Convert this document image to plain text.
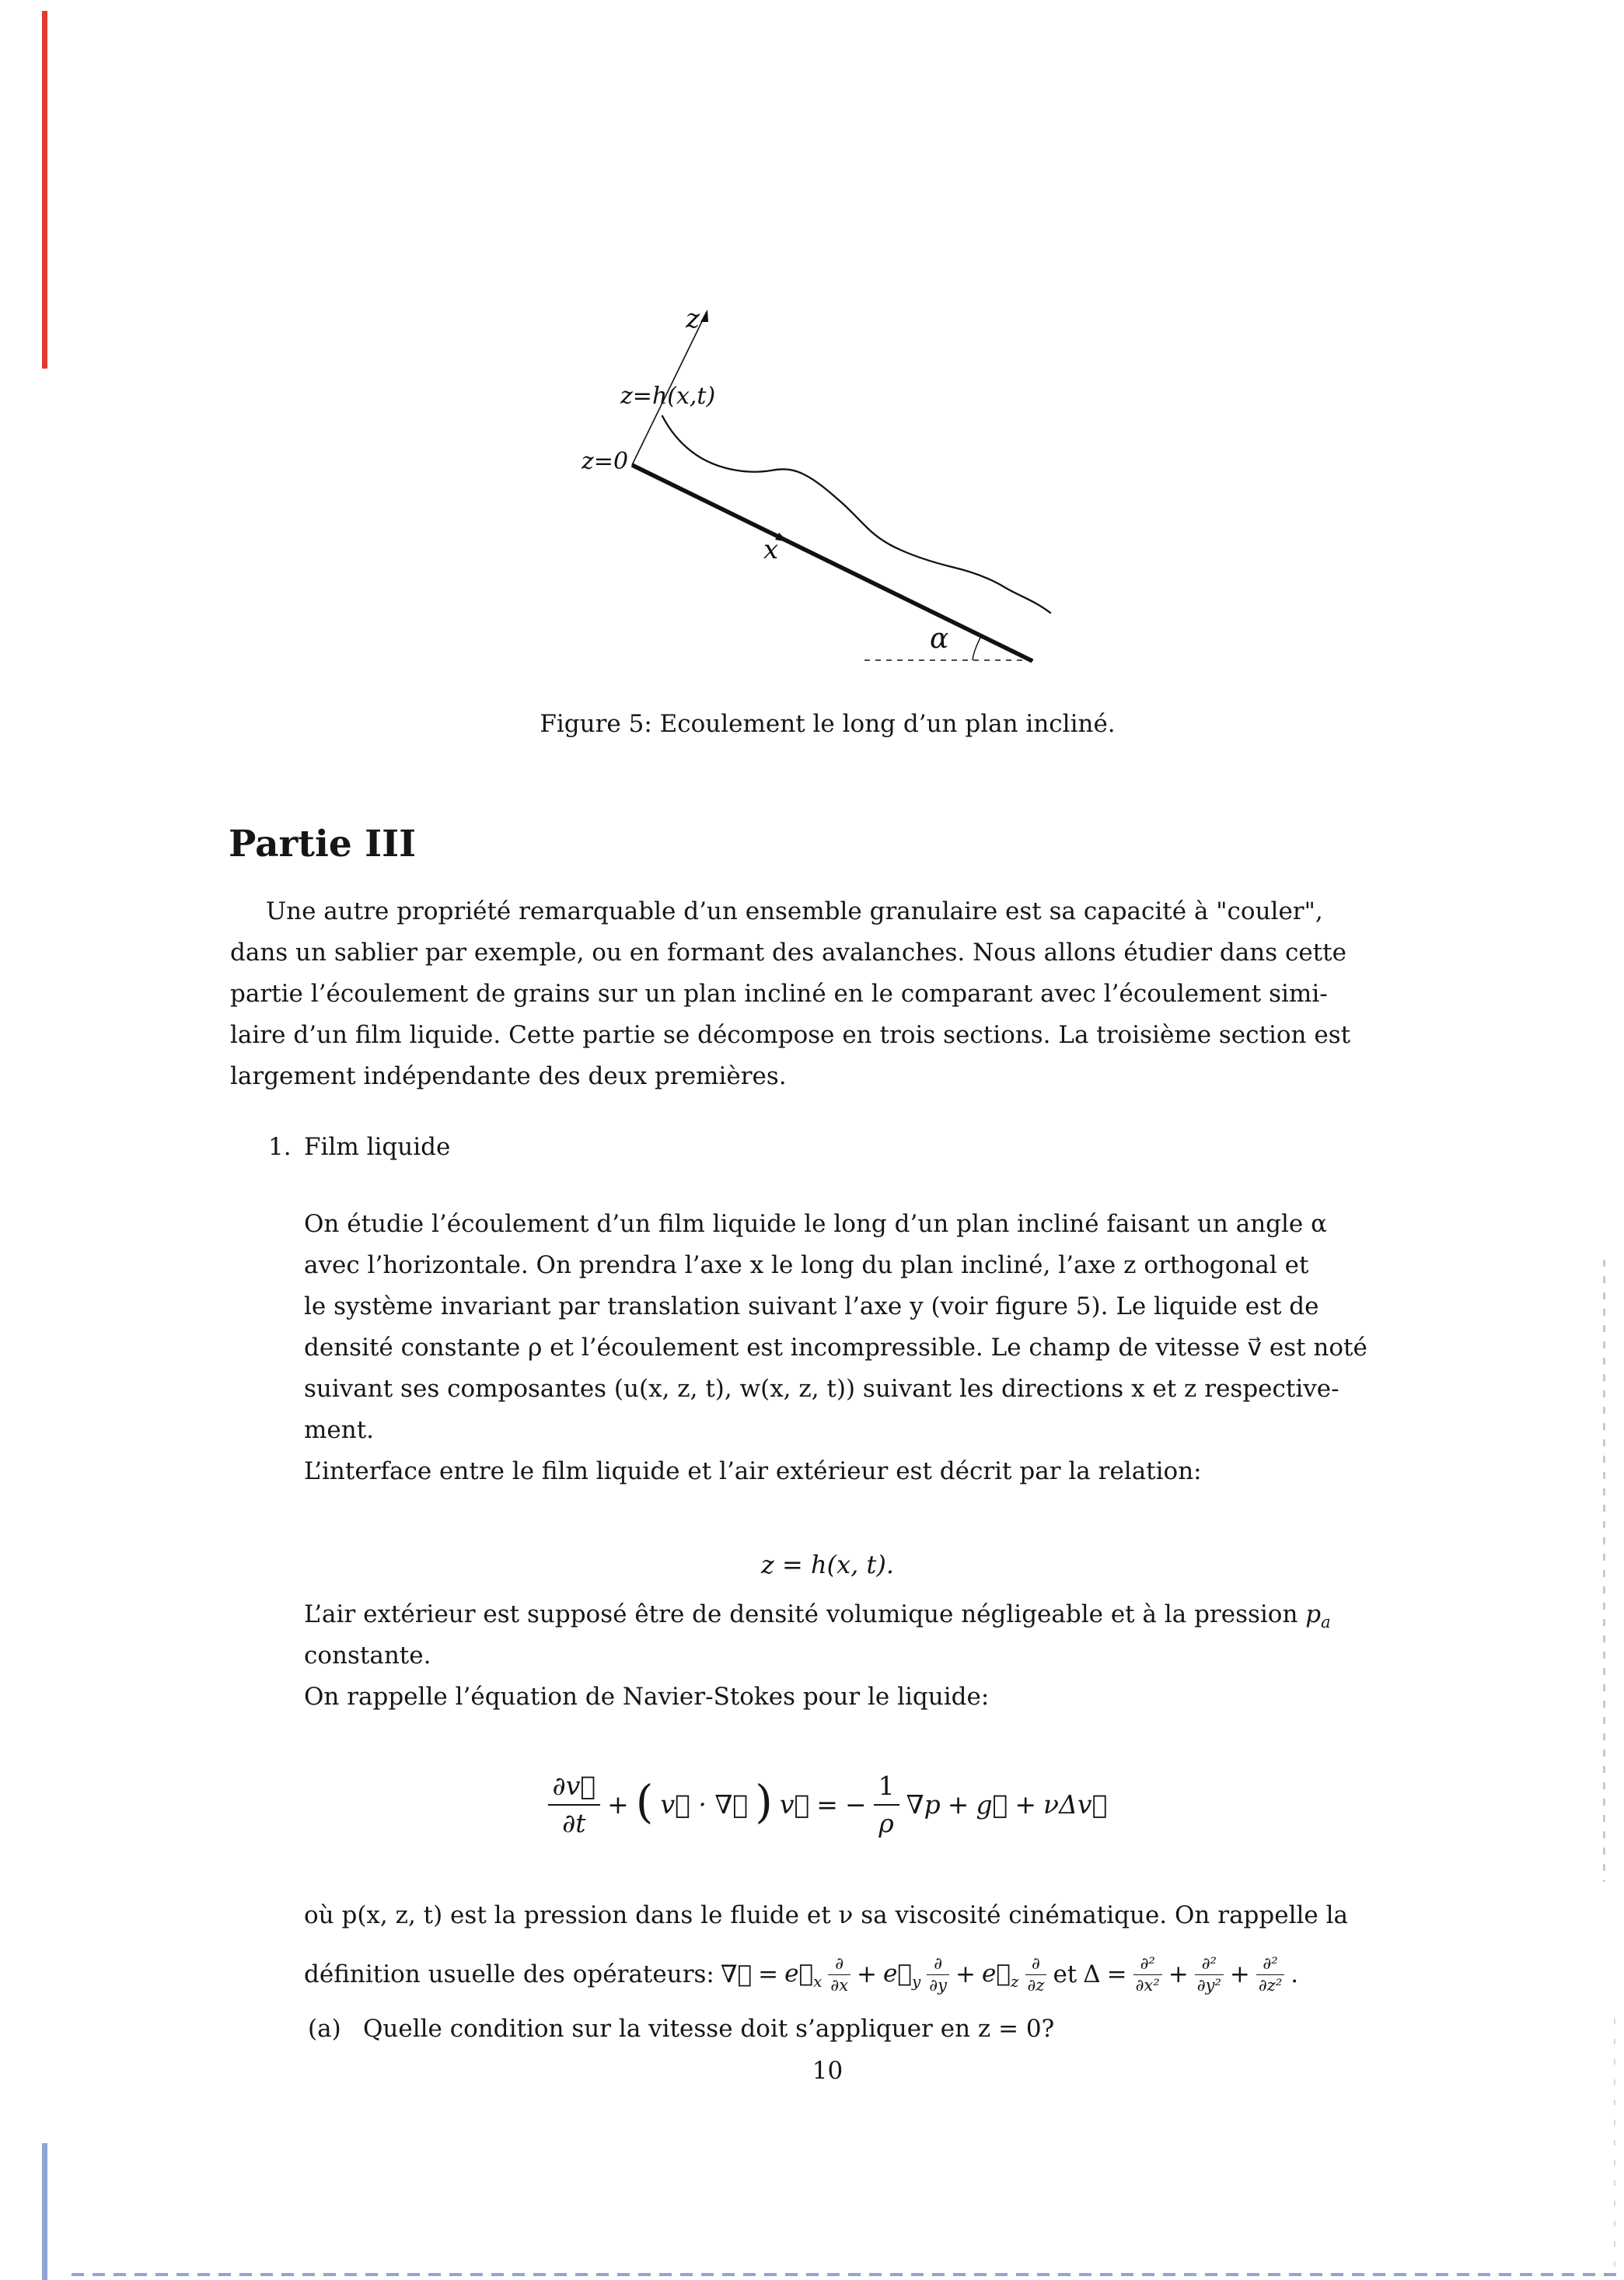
z
z=h(x,t)
z=0
x
α
Figure 5: Ecoulement le long d’un plan incliné.
Partie III
Une autre propriété remarquable d’un ensemble granulaire est sa capacité à "couler",
dans un sablier par exemple, ou en formant des avalanches. Nous allons étudier dans cette
partie l’écoulement de grains sur un plan incliné en le comparant avec l’écoulement simi-
laire d’un film liquide. Cette partie se décompose en trois sections. La troisième section est
largement indépendante des deux premières.
1. Film liquide
On étudie l’écoulement d’un film liquide le long d’un plan incliné faisant un angle α
avec l’horizontale. On prendra l’axe x le long du plan incliné, l’axe z orthogonal et
le système invariant par translation suivant l’axe y (voir figure 5). Le liquide est de
densité constante ρ et l’écoulement est incompressible. Le champ de vitesse v⃗ est noté
suivant ses composantes (u(x, z, t), w(x, z, t)) suivant les directions x et z respective-
ment.
L’interface entre le film liquide et l’air extérieur est décrit par la relation:
z = h(x, t).
L’air extérieur est supposé être de densité volumique négligeable et à la pression $p_a$
constante.
On rappelle l’équation de Navier-Stokes pour le liquide:
$\frac{\partial v⃗}{\partial t}$ + ( v⃗ · ∇⃗ ) v⃗ = − $\frac{1}{\rho} \nabla p$ + g⃗ + νΔv⃗
où p(x, z, t) est la pression dans le fluide et ν sa viscosité cinématique. On rappelle la
définition usuelle des opérateurs: ∇⃗ = $e⃗_x \frac{\partial}{\partial x}$ + $e⃗_y \frac{\partial}{\partial y}$ + $e⃗_z \frac{\partial}{\partial z}$ et $\Delta = \frac{\text{∂²}}{\text{∂x²}} + \frac{\text{∂²}}{\text{∂y²}} + \frac{\text{∂²}}{\text{∂z²}}$ .
(a) Quelle condition sur la vitesse doit s’appliquer en z = 0?
10
